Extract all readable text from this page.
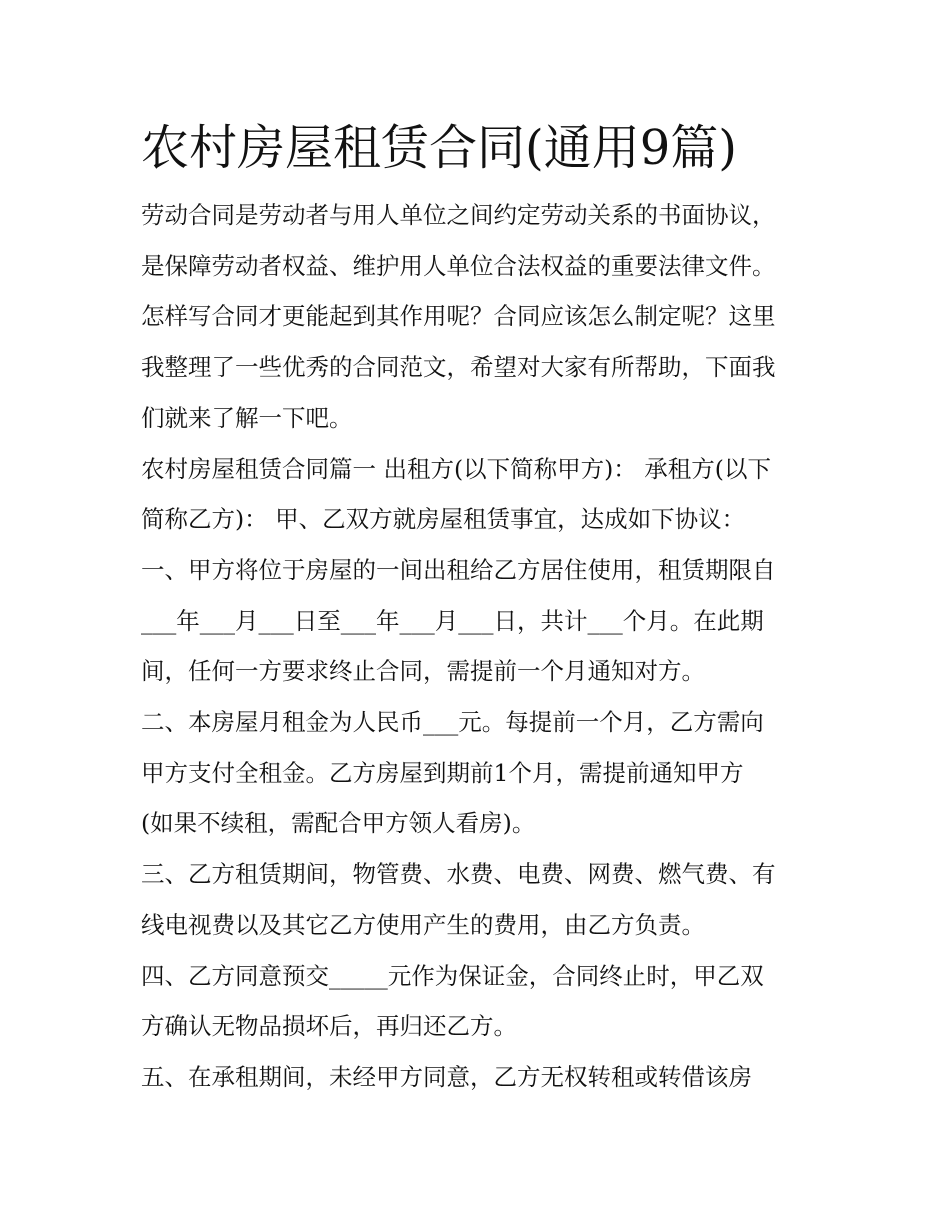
农村房屋租赁合同(通用9篇)

劳动合同是劳动者与用人单位之间约定劳动关系的书面协议，

是保障劳动者权益、维护用人单位合法权益的重要法律文件。

怎样写合同才更能起到其作用呢？合同应该怎么制定呢？这里

我整理了一些优秀的合同范文，希望对大家有所帮助，下面我

们就来了解一下吧。

农村房屋租赁合同篇一 出租方(以下简称甲方)： 承租方(以下

简称乙方)： 甲、乙双方就房屋租赁事宜，达成如下协议：

一、甲方将位于房屋的一间出租给乙方居住使用，租赁期限自

___年___月___日至___年___月___日，共计___个月。在此期

间，任何一方要求终止合同，需提前一个月通知对方。

二、本房屋月租金为人民币___元。每提前一个月，乙方需向

甲方支付全租金。乙方房屋到期前1个月，需提前通知甲方

(如果不续租，需配合甲方领人看房)。

三、乙方租赁期间，物管费、水费、电费、网费、燃气费、有

线电视费以及其它乙方使用产生的费用，由乙方负责。

四、乙方同意预交_____元作为保证金，合同终止时，甲乙双

方确认无物品损坏后，再归还乙方。

五、在承租期间，未经甲方同意，乙方无权转租或转借该房
